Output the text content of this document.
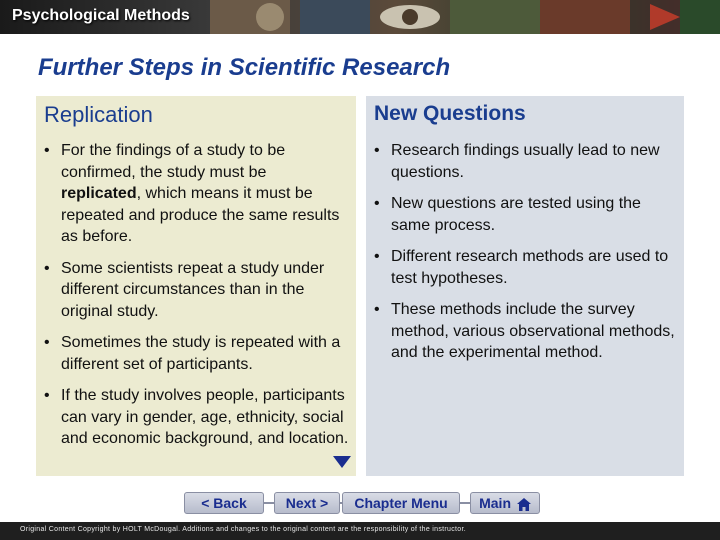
Psychological Methods
Further Steps in Scientific Research
Replication
• For the findings of a study to be confirmed, the study must be replicated, which means it must be repeated and produce the same results as before.
• Some scientists repeat a study under different circumstances than in the original study.
• Sometimes the study is repeated with a different set of participants.
• If the study involves people, participants can vary in gender, age, ethnicity, social and economic background, and location.
New Questions
• Research findings usually lead to new questions.
• New questions are tested using the same process.
• Different research methods are used to test hypotheses.
• These methods include the survey method, various observational methods, and the experimental method.
< Back	Next >	Chapter Menu	Main
Original Content Copyright by HOLT McDougal. Additions and changes to the original content are the responsibility of the instructor.
